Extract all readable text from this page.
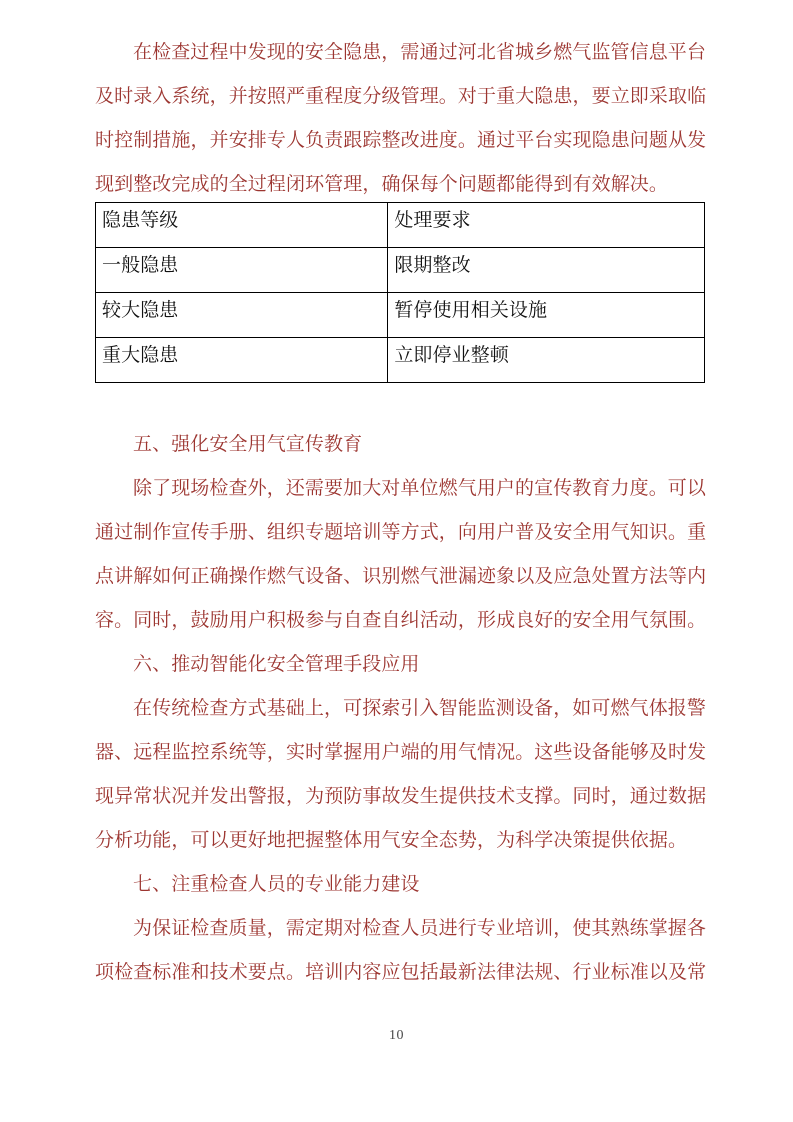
在检查过程中发现的安全隐患，需通过河北省城乡燃气监管信息平台
及时录入系统，并按照严重程度分级管理。对于重大隐患，要立即采取临
时控制措施，并安排专人负责跟踪整改进度。通过平台实现隐患问题从发
现到整改完成的全过程闭环管理，确保每个问题都能得到有效解决。
隐患等级	处理要求
一般隐患	限期整改
较大隐患	暂停使用相关设施
重大隐患	立即停业整顿
五、强化安全用气宣传教育
除了现场检查外，还需要加大对单位燃气用户的宣传教育力度。可以
通过制作宣传手册、组织专题培训等方式，向用户普及安全用气知识。重
点讲解如何正确操作燃气设备、识别燃气泄漏迹象以及应急处置方法等内
容。同时，鼓励用户积极参与自查自纠活动，形成良好的安全用气氛围。
六、推动智能化安全管理手段应用
在传统检查方式基础上，可探索引入智能监测设备，如可燃气体报警
器、远程监控系统等，实时掌握用户端的用气情况。这些设备能够及时发
现异常状况并发出警报，为预防事故发生提供技术支撑。同时，通过数据
分析功能，可以更好地把握整体用气安全态势，为科学决策提供依据。
七、注重检查人员的专业能力建设
为保证检查质量，需定期对检查人员进行专业培训，使其熟练掌握各
项检查标准和技术要点。培训内容应包括最新法律法规、行业标准以及常
10
